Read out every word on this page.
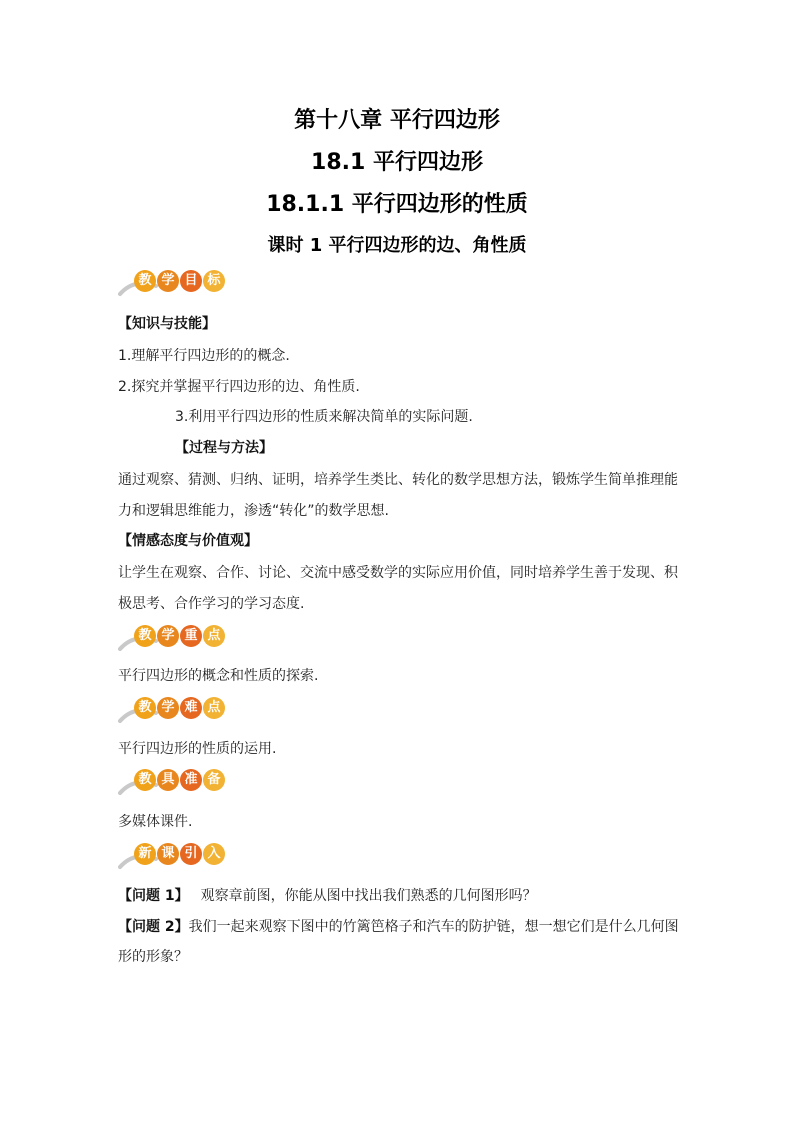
第十八章 平行四边形
18.1 平行四边形
18.1.1 平行四边形的性质
课时 1 平行四边形的边、角性质
教 学 目 标
【知识与技能】
1.理解平行四边形的的概念.
2.探究并掌握平行四边形的边、角性质.
3.利用平行四边形的性质来解决简单的实际问题.
【过程与方法】
通过观察、猜测、归纳、证明，培养学生类比、转化的数学思想方法，锻炼学生简单推理能
力和逻辑思维能力，渗透“转化”的数学思想.
【情感态度与价值观】
让学生在观察、合作、讨论、交流中感受数学的实际应用价值，同时培养学生善于发现、积
极思考、合作学习的学习态度.
教 学 重 点
平行四边形的概念和性质的探索.
教 学 难 点
平行四边形的性质的运用.
教 具 准 备
多媒体课件.
新 课 引 入
【问题 1】 观察章前图，你能从图中找出我们熟悉的几何图形吗？
【问题 2】我们一起来观察下图中的竹篱笆格子和汽车的防护链，想一想它们是什么几何图
形的形象？
